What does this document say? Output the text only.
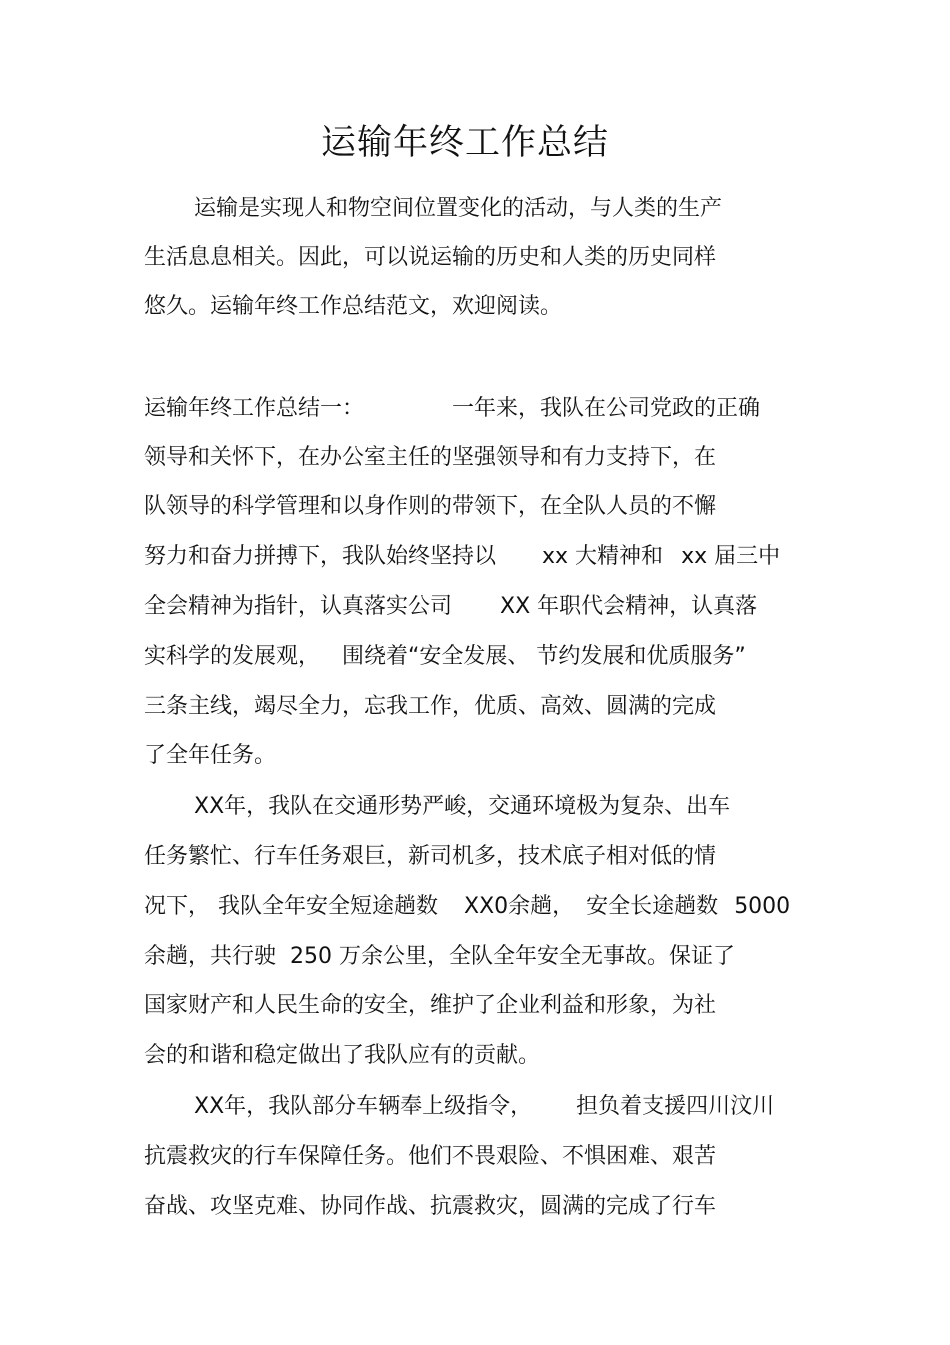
运输年终工作总结
运输是实现人和物空间位置变化的活动，与人类的生产
生活息息相关。因此，可以说运输的历史和人类的历史同样
悠久。运输年终工作总结范文，欢迎阅读。
运输年终工作总结一：	一年来，我队在公司党政的正确
领导和关怀下，在办公室主任的坚强领导和有力支持下，在
队领导的科学管理和以身作则的带领下，在全队人员的不懈
努力和奋力拼搏下，我队始终坚持以 xx 大精神和 xx 届三中
全会精神为指针，认真落实公司 XX 年职代会精神，认真落
实科学的发展观， 围绕着“安全发展、 节约发展和优质服务”
三条主线，竭尽全力，忘我工作，优质、高效、圆满的完成
了全年任务。
XX年，我队在交通形势严峻，交通环境极为复杂、出车
任务繁忙、行车任务艰巨，新司机多，技术底子相对低的情
况下， 我队全年安全短途趟数 XX0余趟， 安全长途趟数 5000
余趟，共行驶 250 万余公里，全队全年安全无事故。保证了
国家财产和人民生命的安全，维护了企业利益和形象，为社
会的和谐和稳定做出了我队应有的贡献。
XX年，我队部分车辆奉上级指令， 担负着支援四川汶川
抗震救灾的行车保障任务。他们不畏艰险、不惧困难、艰苦
奋战、攻坚克难、协同作战、抗震救灾，圆满的完成了行车
